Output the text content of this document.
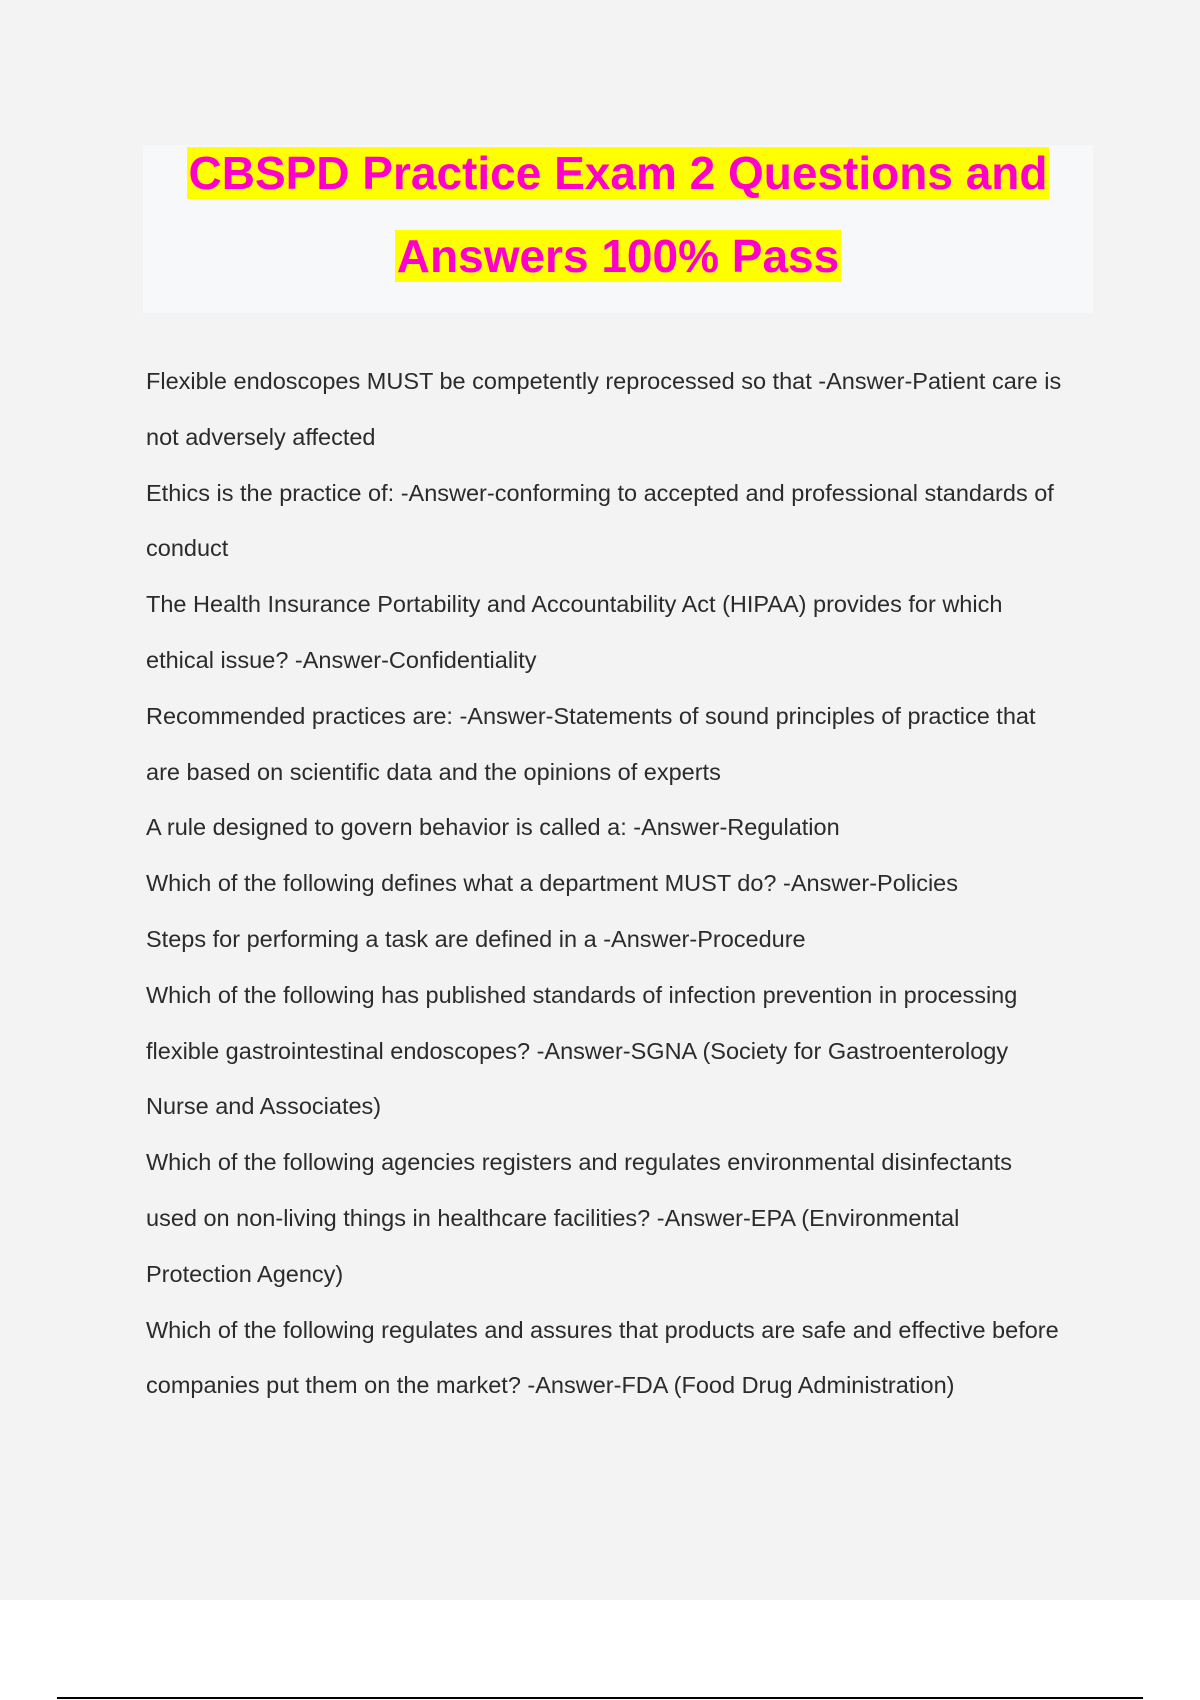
CBSPD Practice Exam 2 Questions and
Answers 100% Pass

Flexible endoscopes MUST be competently reprocessed so that -Answer-Patient care is
not adversely affected

Ethics is the practice of: -Answer-conforming to accepted and professional standards of
conduct

The Health Insurance Portability and Accountability Act (HIPAA) provides for which
ethical issue? -Answer-Confidentiality

Recommended practices are: -Answer-Statements of sound principles of practice that
are based on scientific data and the opinions of experts

A rule designed to govern behavior is called a: -Answer-Regulation

Which of the following defines what a department MUST do? -Answer-Policies

Steps for performing a task are defined in a -Answer-Procedure

Which of the following has published standards of infection prevention in processing
flexible gastrointestinal endoscopes? -Answer-SGNA (Society for Gastroenterology
Nurse and Associates)

Which of the following agencies registers and regulates environmental disinfectants
used on non-living things in healthcare facilities? -Answer-EPA (Environmental
Protection Agency)

Which of the following regulates and assures that products are safe and effective before
companies put them on the market? -Answer-FDA (Food Drug Administration)
